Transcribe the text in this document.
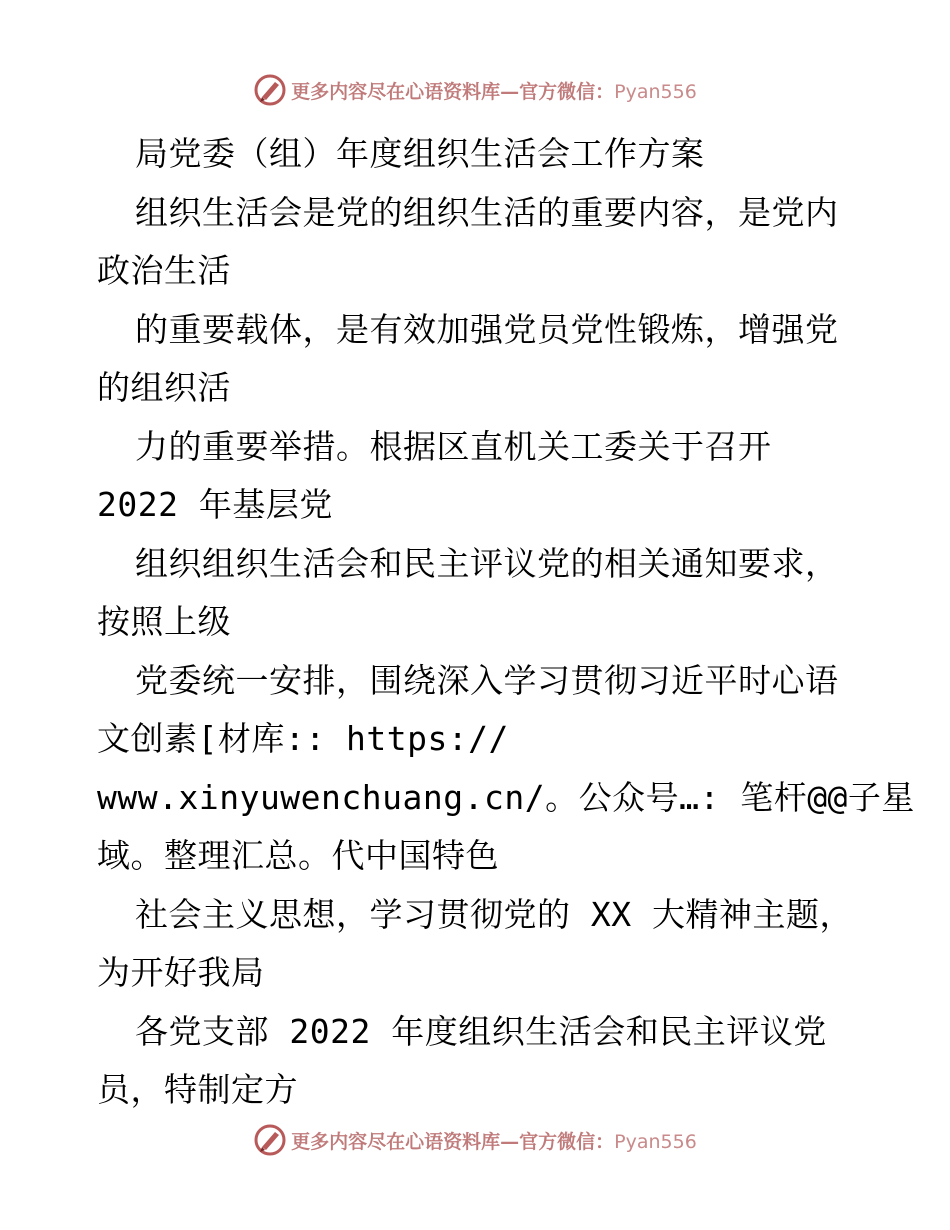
更多内容尽在心语资料库—官方微信：Pyan556
局党委（组）年度组织生活会工作方案
组织生活会是党的组织生活的重要内容，是党内
政治生活
的重要载体，是有效加强党员党性锻炼，增强党
的组织活
力的重要举措。根据区直机关工委关于召开
2022 年基层党
组织组织生活会和民主评议党的相关通知要求，
按照上级
党委统一安排，围绕深入学习贯彻习近平时心语
文创素[材库:: https://
www.xinyuwenchuang.cn/。公众号…: 笔杆@@子星
域。整理汇总。代中国特色
社会主义思想，学习贯彻党的 XX 大精神主题，
为开好我局
各党支部 2022 年度组织生活会和民主评议党
员，特制定方
更多内容尽在心语资料库—官方微信：Pyan556
